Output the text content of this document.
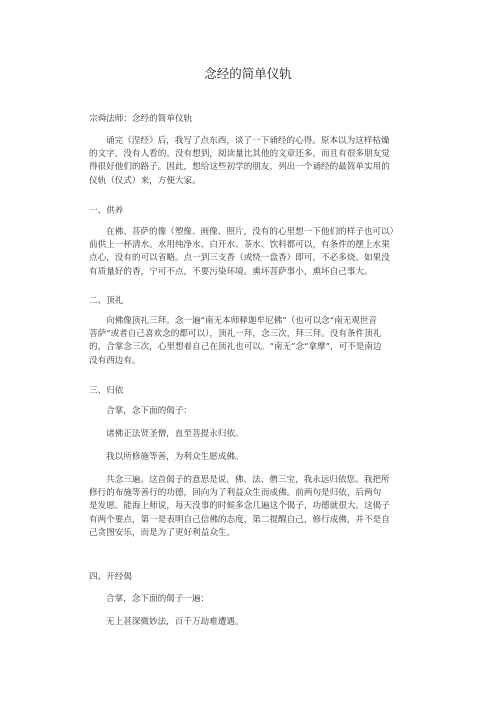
念经的简单仪轨
宗舜法师：念经的简单仪轨

诵完《涅经》后，我写了点东西，谈了一下诵经的心得。原本以为这样枯燥
的文字，没有人看的。没有想到，阅读量比其他的文章还多，而且有很多朋友觉
得很好他们的路子。因此，想给这些初学的朋友，列出一个诵经的最简单实用的
仪轨（仪式）来，方便大家。

一、供养

在佛、菩萨的像（塑像、画像、照片，没有的心里想一下他们的样子也可以）
前供上一杯清水。水用纯净水、白开水、茶水、饮料都可以，有条件的摆上水果
点心，没有的可以省略。点一到三支香（或绕一盘香）即可，不必多烧。如果没
有质量好的香，宁可不点，不要污染环境。熏坏菩萨事小，熏坏自己事大。

二、顶礼

向佛像顶礼三拜。念一遍“南无本师释迦牟尼佛”（也可以念“南无观世音
菩萨”或者自己喜欢念的都可以），顶礼一拜，念三次，拜三拜。没有条件顶礼
的，合掌念三次，心里想着自己在顶礼也可以。“南无”念“拿摩”，可不是南边
没有西边有。

三、归依
合掌，念下面的偈子：
诸佛正法贤圣僧，直至菩提永归依。
我以所修施等善，为利众生愿成佛。

共念三遍。这首偈子的意思是说，佛、法、僧三宝，我永远归依您。我把所
修行的布施等善行的功德，回向为了利益众生而成佛。前两句是归依，后两句
是发愿。能海上师说，每天没事的时候多念几遍这个偈子，功德就很大。这偈子
有两个要点，第一是表明自己信佛的态度，第二提醒自己，修行成佛，并不是自
己贪图安乐，而是为了更好利益众生。

四、开经偈
合掌，念下面的偈子一遍：
无上甚深微妙法，百千万劫难遭遇。
